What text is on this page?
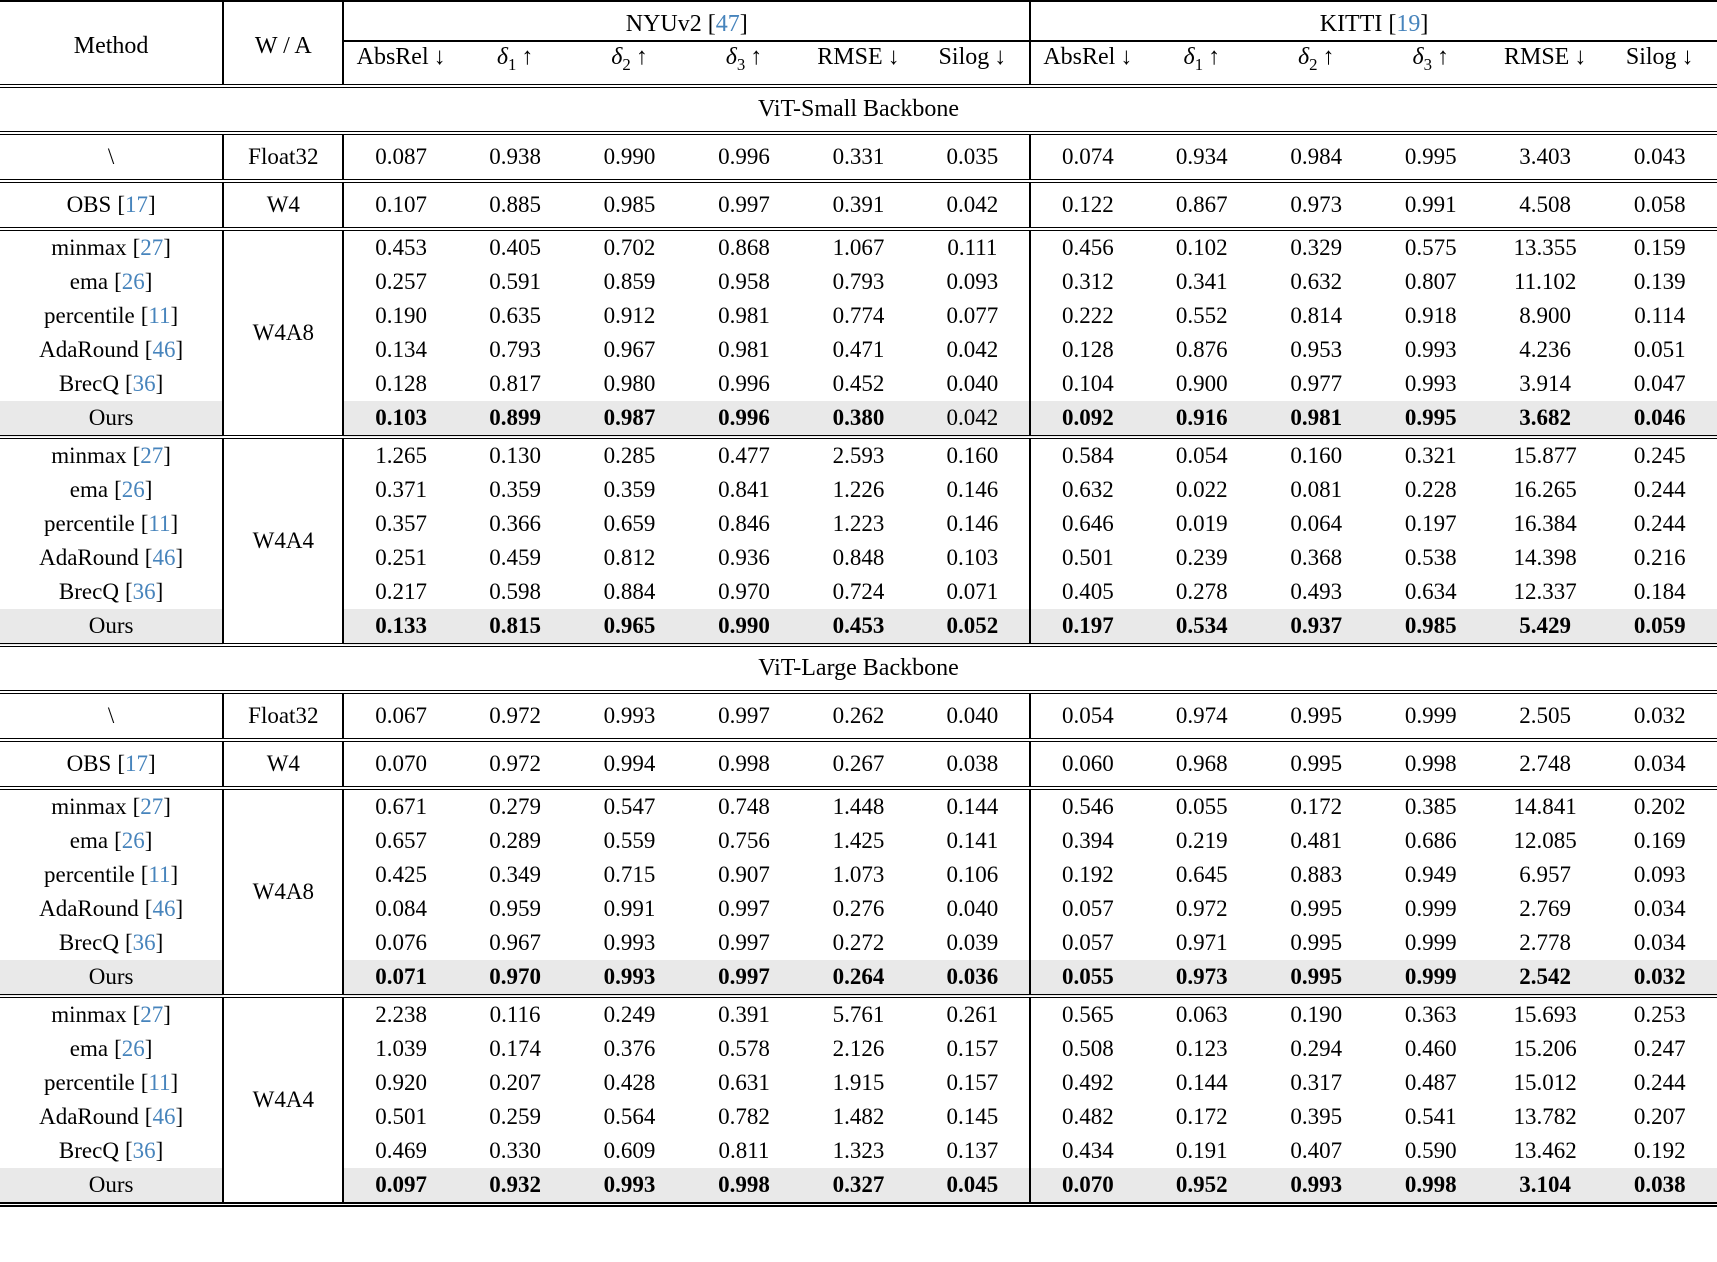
Method	W / A	NYUv2 [47]						KITTI [19]					
		AbsRel ↓	$\delta_1$ ↑	$\delta_2$ ↑	$\delta_3$ ↑	RMSE ↓	Silog ↓	AbsRel ↓	$\delta_1$ ↑	$\delta_2$ ↑	$\delta_3$ ↑	RMSE ↓	Silog ↓
ViT-Small Backbone													
\	Float32	0.087	0.938	0.990	0.996	0.331	0.035	0.074	0.934	0.984	0.995	3.403	0.043
OBS [17]	W4	0.107	0.885	0.985	0.997	0.391	0.042	0.122	0.867	0.973	0.991	4.508	0.058
minmax [27]	W4A8	0.453	0.405	0.702	0.868	1.067	0.111	0.456	0.102	0.329	0.575	13.355	0.159
ema [26]		0.257	0.591	0.859	0.958	0.793	0.093	0.312	0.341	0.632	0.807	11.102	0.139
percentile [11]		0.190	0.635	0.912	0.981	0.774	0.077	0.222	0.552	0.814	0.918	8.900	0.114
AdaRound [46]		0.134	0.793	0.967	0.981	0.471	0.042	0.128	0.876	0.953	0.993	4.236	0.051
BrecQ [36]		0.128	0.817	0.980	0.996	0.452	0.040	0.104	0.900	0.977	0.993	3.914	0.047
Ours		0.103	0.899	0.987	0.996	0.380	0.042	0.092	0.916	0.981	0.995	3.682	0.046
minmax [27]	W4A4	1.265	0.130	0.285	0.477	2.593	0.160	0.584	0.054	0.160	0.321	15.877	0.245
ema [26]		0.371	0.359	0.359	0.841	1.226	0.146	0.632	0.022	0.081	0.228	16.265	0.244
percentile [11]		0.357	0.366	0.659	0.846	1.223	0.146	0.646	0.019	0.064	0.197	16.384	0.244
AdaRound [46]		0.251	0.459	0.812	0.936	0.848	0.103	0.501	0.239	0.368	0.538	14.398	0.216
BrecQ [36]		0.217	0.598	0.884	0.970	0.724	0.071	0.405	0.278	0.493	0.634	12.337	0.184
Ours		0.133	0.815	0.965	0.990	0.453	0.052	0.197	0.534	0.937	0.985	5.429	0.059
ViT-Large Backbone													
\	Float32	0.067	0.972	0.993	0.997	0.262	0.040	0.054	0.974	0.995	0.999	2.505	0.032
OBS [17]	W4	0.070	0.972	0.994	0.998	0.267	0.038	0.060	0.968	0.995	0.998	2.748	0.034
minmax [27]	W4A8	0.671	0.279	0.547	0.748	1.448	0.144	0.546	0.055	0.172	0.385	14.841	0.202
ema [26]		0.657	0.289	0.559	0.756	1.425	0.141	0.394	0.219	0.481	0.686	12.085	0.169
percentile [11]		0.425	0.349	0.715	0.907	1.073	0.106	0.192	0.645	0.883	0.949	6.957	0.093
AdaRound [46]		0.084	0.959	0.991	0.997	0.276	0.040	0.057	0.972	0.995	0.999	2.769	0.034
BrecQ [36]		0.076	0.967	0.993	0.997	0.272	0.039	0.057	0.971	0.995	0.999	2.778	0.034
Ours		0.071	0.970	0.993	0.997	0.264	0.036	0.055	0.973	0.995	0.999	2.542	0.032
minmax [27]	W4A4	2.238	0.116	0.249	0.391	5.761	0.261	0.565	0.063	0.190	0.363	15.693	0.253
ema [26]		1.039	0.174	0.376	0.578	2.126	0.157	0.508	0.123	0.294	0.460	15.206	0.247
percentile [11]		0.920	0.207	0.428	0.631	1.915	0.157	0.492	0.144	0.317	0.487	15.012	0.244
AdaRound [46]		0.501	0.259	0.564	0.782	1.482	0.145	0.482	0.172	0.395	0.541	13.782	0.207
BrecQ [36]		0.469	0.330	0.609	0.811	1.323	0.137	0.434	0.191	0.407	0.590	13.462	0.192
Ours		0.097	0.932	0.993	0.998	0.327	0.045	0.070	0.952	0.993	0.998	3.104	0.038
